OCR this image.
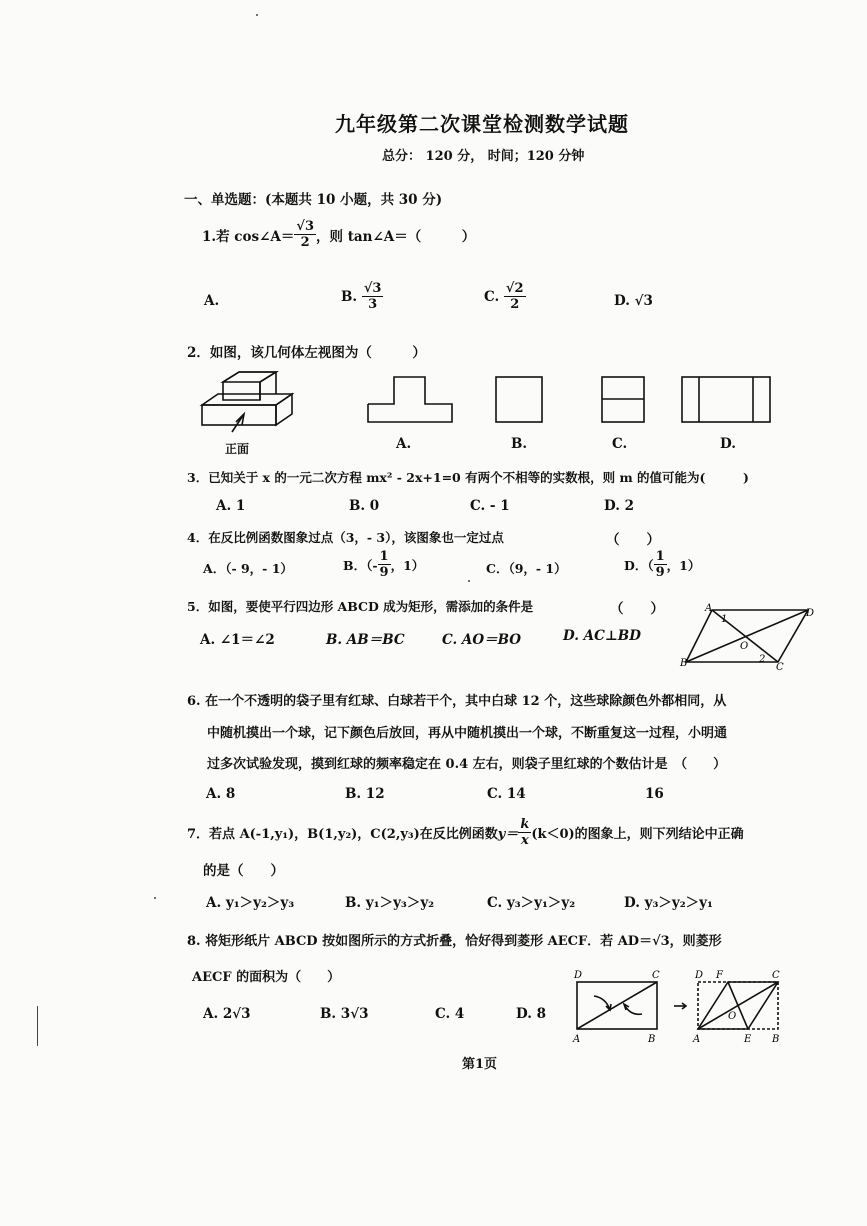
九年级第二次课堂检测数学试题
总分： 120 分， 时间；120 分钟
一、单选题：(本题共 10 小题，共 30 分)
1.若 cos∠A＝ $\frac{√3}{2}$ ，则 tan∠A＝（　　　）
A.	B.
$\frac{√3}{3}$	C.
$\frac{√2}{2}$	D. √3
2．如图，该几何体左视图为（　　　）
正面	A.	B.	C.	D.
3．已知关于 x 的一元二次方程 mx² - 2x+1=0 有两个不相等的实数根，则 m 的值可能为(　　　)
A. 1	B. 0	C. - 1	D. 2
4．在反比例函数图象过点（3，- 3），该图象也一定过点	（　　）
A．（- 9，- 1）	B．（- $\frac{1}{9}$ ，1）	C．（9，- 1）	D．（ $\frac{1}{9}$ ，1）
5．如图，要使平行四边形 ABCD 成为矩形，需添加的条件是	（　　）
A. ∠1＝∠2	B. AB＝BC	C. AO＝BO	D. AC⊥BD
A
B	C
D
O
1
2
6. 在一个不透明的袋子里有红球、白球若干个，其中白球 12 个，这些球除颜色外都相同，从
中随机摸出一个球，记下颜色后放回，再从中随机摸出一个球，不断重复这一过程，小明通
过多次试验发现，摸到红球的频率稳定在 0.4 左右，则袋子里红球的个数估计是　（　　）
A. 8	B. 12	C. 14	16
7．若点 A(-1,y₁)，B(1,y₂)，C(2,y₃)在反比例函数 $y= \frac{k}{x} (k<0)$的图象上，则下列结论中正确
的是（　　）
A. y₁＞y₂＞y₃	B. y₁＞y₃＞y₂	C. y₃＞y₁＞y₂	D. y₃＞y₂＞y₁
8. 将矩形纸片 ABCD 按如图所示的方式折叠，恰好得到菱形 AECF．若 AD＝√3，则菱形
AECF 的面积为（　　）
A. 2√3	B. 3√3	C. 4	D. 8
D	C
A	B
D F	C
O
A	E B
第1页
